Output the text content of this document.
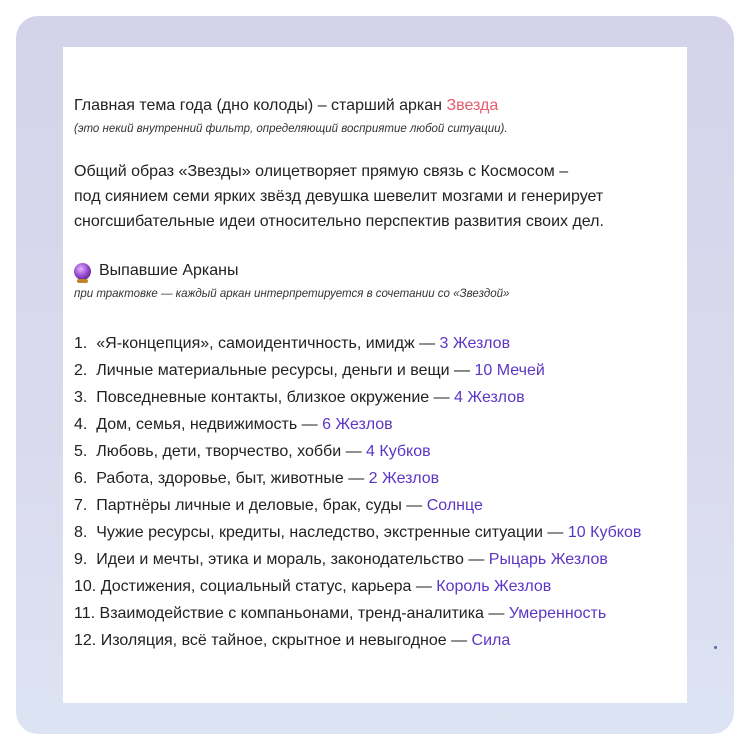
Главная тема года (дно колоды) – старший аркан Звезда
(это некий внутренний фильтр, определяющий восприятие любой ситуации).
Общий образ «Звезды» олицетворяет прямую связь с Космосом –
под сиянием семи ярких звёзд девушка шевелит мозгами и генерирует
сногсшибательные идеи относительно перспектив развития своих дел.
Выпавшие Арканы
при трактовке — каждый аркан интерпретируется в сочетании со «Звездой»
1. «Я-концепция», самоидентичность, имидж — 3 Жезлов
2. Личные материальные ресурсы, деньги и вещи — 10 Мечей
3. Повседневные контакты, близкое окружение — 4 Жезлов
4. Дом, семья, недвижимость — 6 Жезлов
5. Любовь, дети, творчество, хобби — 4 Кубков
6. Работа, здоровье, быт, животные — 2 Жезлов
7. Партнёры личные и деловые, брак, суды — Солнце
8. Чужие ресурсы, кредиты, наследство, экстренные ситуации — 10 Кубков
9. Идеи и мечты, этика и мораль, законодательство — Рыцарь Жезлов
10. Достижения, социальный статус, карьера — Король Жезлов
11. Взаимодействие с компаньонами, тренд-аналитика — Умеренность
12. Изоляция, всё тайное, скрытное и невыгодное — Сила
